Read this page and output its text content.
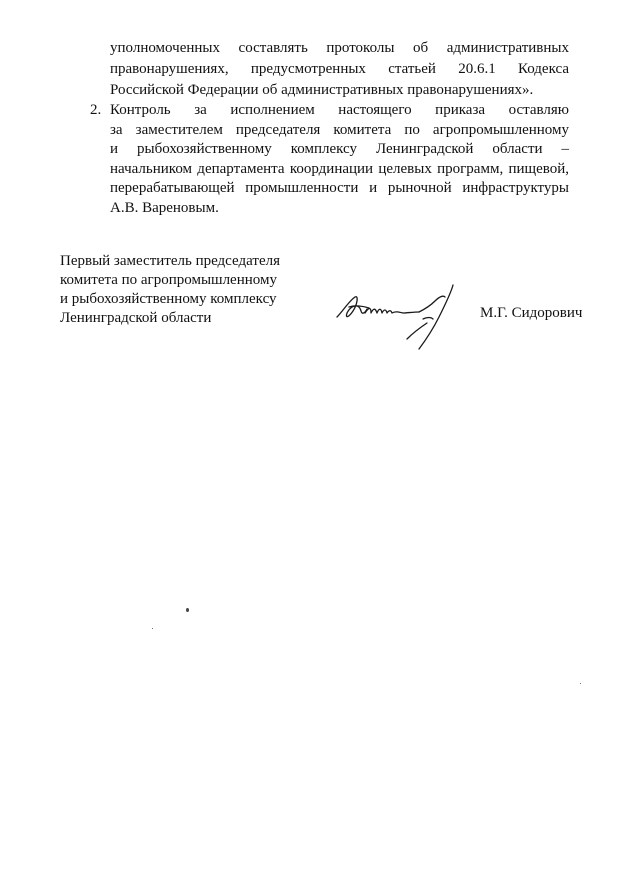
уполномоченных составлять протоколы об административных
правонарушениях, предусмотренных статьей 20.6.1 Кодекса
Российской Федерации об административных правонарушениях».
2. Контроль за исполнением настоящего приказа оставляю
за заместителем председателя комитета по агропромышленному
и рыбохозяйственному комплексу Ленинградской области –
начальником департамента координации целевых программ, пищевой,
перерабатывающей промышленности и рыночной инфраструктуры
А.В. Вареновым.
Первый заместитель председателя
комитета по агропромышленному
и рыбохозяйственному комплексу
Ленинградской области	М.Г. Сидорович
